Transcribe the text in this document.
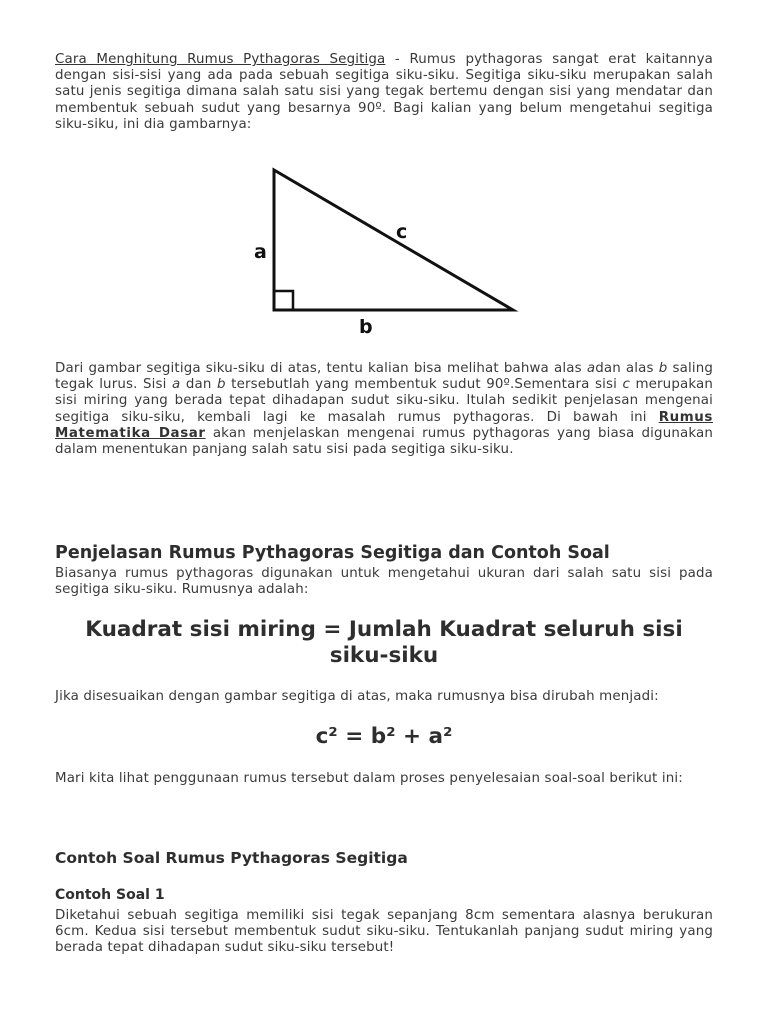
Cara Menghitung Rumus Pythagoras Segitiga - Rumus pythagoras sangat erat kaitannya dengan sisi-sisi yang ada pada sebuah segitiga siku-siku. Segitiga siku-siku merupakan salah satu jenis segitiga dimana salah satu sisi yang tegak bertemu dengan sisi yang mendatar dan membentuk sebuah sudut yang besarnya 90º. Bagi kalian yang belum mengetahui segitiga siku-siku, ini dia gambarnya:

a
c
b

Dari gambar segitiga siku-siku di atas, tentu kalian bisa melihat bahwa alas adan alas b saling tegak lurus. Sisi a dan b tersebutlah yang membentuk sudut 90º.Sementara sisi c merupakan sisi miring yang berada tepat dihadapan sudut siku-siku. Itulah sedikit penjelasan mengenai segitiga siku-siku, kembali lagi ke masalah rumus pythagoras. Di bawah ini Rumus Matematika Dasar akan menjelaskan mengenai rumus pythagoras yang biasa digunakan dalam menentukan panjang salah satu sisi pada segitiga siku-siku.

Penjelasan Rumus Pythagoras Segitiga dan Contoh Soal

Biasanya rumus pythagoras digunakan untuk mengetahui ukuran dari salah satu sisi pada segitiga siku-siku. Rumusnya adalah:

Kuadrat sisi miring = Jumlah Kuadrat seluruh sisi siku-siku

Jika disesuaikan dengan gambar segitiga di atas, maka rumusnya bisa dirubah menjadi:

c² = b² + a²

Mari kita lihat penggunaan rumus tersebut dalam proses penyelesaian soal-soal berikut ini:

Contoh Soal Rumus Pythagoras Segitiga
Contoh Soal 1

Diketahui sebuah segitiga memiliki sisi tegak sepanjang 8cm sementara alasnya berukuran 6cm. Kedua sisi tersebut membentuk sudut siku-siku. Tentukanlah panjang sudut miring yang berada tepat dihadapan sudut siku-siku tersebut!
